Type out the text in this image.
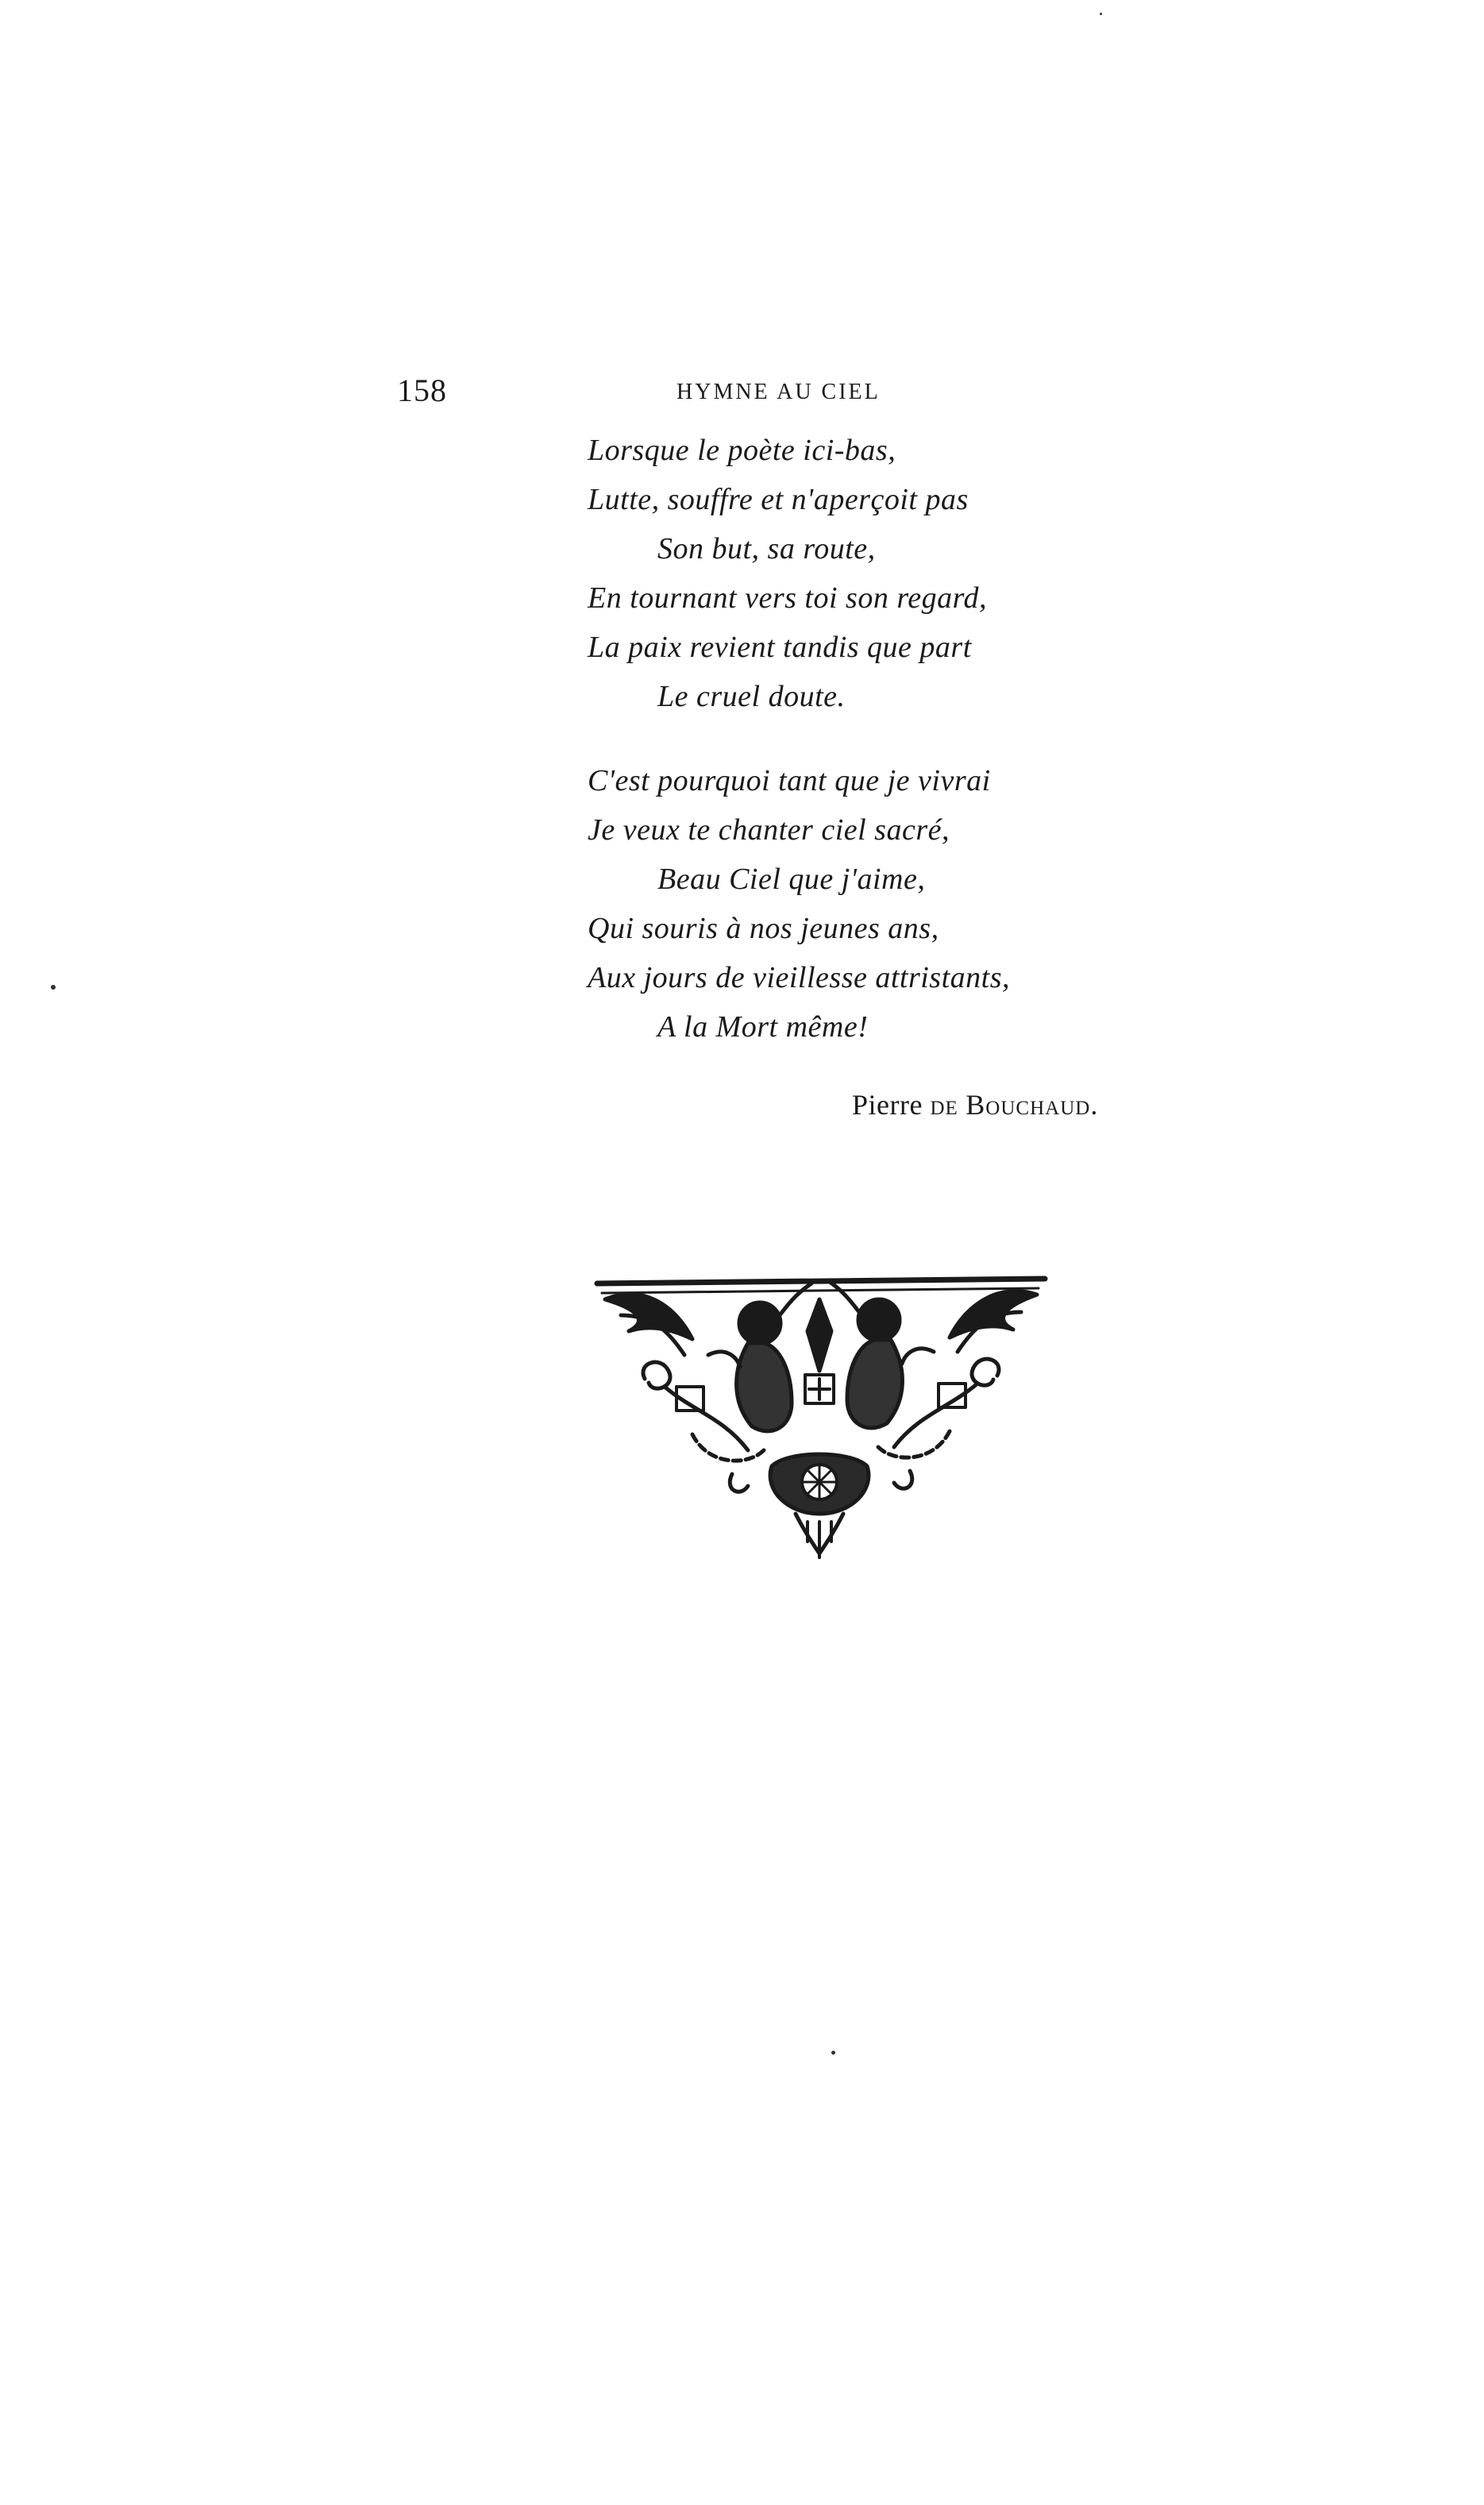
158	HYMNE AU CIEL
Lorsque le poète ici-bas,
Lutte, souffre et n'aperçoit pas
Son but, sa route,
En tournant vers toi son regard,
La paix revient tandis que part
Le cruel doute.
C'est pourquoi tant que je vivrai
Je veux te chanter ciel sacré,
Beau Ciel que j'aime,
Qui souris à nos jeunes ans,
Aux jours de vieillesse attristants,
A la Mort même!
Pierre de Bouchaud.
